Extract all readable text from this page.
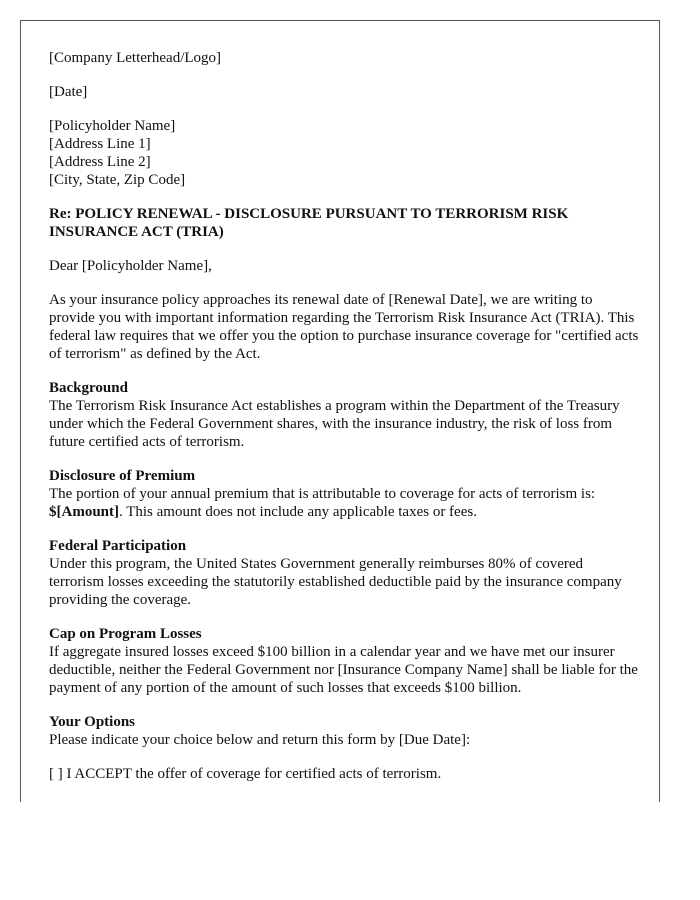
[Company Letterhead/Logo]

[Date]

[Policyholder Name]
[Address Line 1]
[Address Line 2]
[City, State, Zip Code]

Re: POLICY RENEWAL - DISCLOSURE PURSUANT TO TERRORISM RISK INSURANCE ACT (TRIA)

Dear [Policyholder Name],

As your insurance policy approaches its renewal date of [Renewal Date], we are writing to provide you with important information regarding the Terrorism Risk Insurance Act (TRIA). This federal law requires that we offer you the option to purchase insurance coverage for "certified acts of terrorism" as defined by the Act.

Background

The Terrorism Risk Insurance Act establishes a program within the Department of the Treasury under which the Federal Government shares, with the insurance industry, the risk of loss from future certified acts of terrorism.

Disclosure of Premium

The portion of your annual premium that is attributable to coverage for acts of terrorism is: $[Amount]. This amount does not include any applicable taxes or fees.

Federal Participation

Under this program, the United States Government generally reimburses 80% of covered terrorism losses exceeding the statutorily established deductible paid by the insurance company providing the coverage.

Cap on Program Losses

If aggregate insured losses exceed $100 billion in a calendar year and we have met our insurer deductible, neither the Federal Government nor [Insurance Company Name] shall be liable for the payment of any portion of the amount of such losses that exceeds $100 billion.

Your Options

Please indicate your choice below and return this form by [Due Date]:

[ ] I ACCEPT the offer of coverage for certified acts of terrorism.
